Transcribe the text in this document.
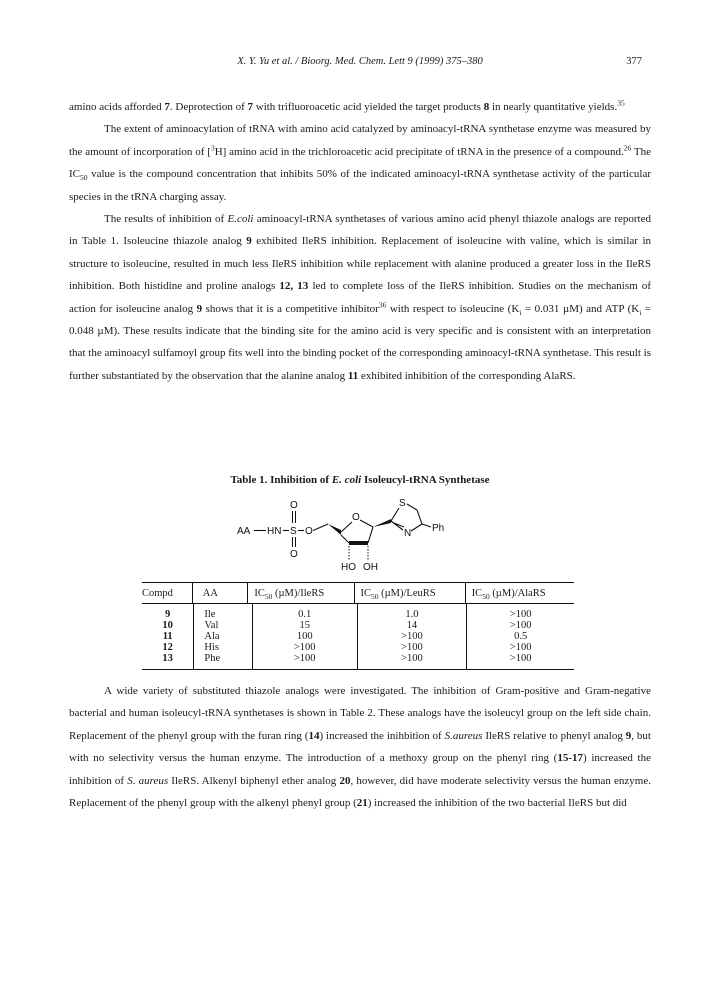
X. Y. Yu et al. / Bioorg. Med. Chem. Lett 9 (1999) 375–380	377

amino acids afforded 7. Deprotection of 7 with trifluoroacetic acid yielded the target products 8 in nearly quantitative yields.$^{35}$

The extent of aminoacylation of tRNA with amino acid catalyzed by aminoacyl-tRNA synthetase enzyme was measured by the amount of incorporation of [$^3$H] amino acid in the trichloroacetic acid precipitate of tRNA in the presence of a compound.$^{26}$ The $IC_{50}$ value is the compound concentration that inhibits 50% of the indicated aminoacyl-tRNA synthetase activity of the particular species in the tRNA charging assay.

The results of inhibition of E.coli aminoacyl-tRNA synthetases of various amino acid phenyl thiazole analogs are reported in Table 1. Isoleucine thiazole analog 9 exhibited IleRS inhibition. Replacement of isoleucine with valine, which is similar in structure to isoleucine, resulted in much less IleRS inhibition while replacement with alanine produced a greater loss in the IleRS inhibition. Both histidine and proline analogs 12, 13 led to complete loss of the IleRS inhibition. Studies on the mechanism of action for isoleucine analog 9 shows that it is a competitive inhibitor$^{36}$ with respect to isoleucine ($K_i = 0.031$ µM) and ATP ($K_i = 0.048$ µM). These results indicate that the binding site for the amino acid is very specific and is consistent with an interpretation that the aminoacyl sulfamoyl group fits well into the binding pocket of the corresponding aminoacyl-tRNA synthetase. This result is further substantiated by the observation that the alanine analog 11 exhibited inhibition of the corresponding AlaRS.

Table 1. Inhibition of E. coli Isoleucyl-tRNA Synthetase
AA HN S
O
O
O
O
HO OH
S
N Ph
Compd	AA	$IC_{50}$ (µM)/IleRS	$IC_{50}$ (µM)/LeuRS	$IC_{50}$ (µM)/AlaRS
9	Ile	0.1	1.0	>100
10	Val	15	14	>100
11	Ala	100	>100	0.5
12	His	>100	>100	>100
13	Phe	>100	>100	>100

A wide variety of substituted thiazole analogs were investigated. The inhibition of Gram-positive and Gram-negative bacterial and human isoleucyl-tRNA synthetases is shown in Table 2. These analogs have the isoleucyl group on the left side chain. Replacement of the phenyl group with the furan ring (14) increased the inihbition of S.aureus IleRS relative to phenyl analog 9, but with no selectivity versus the human enzyme. The introduction of a methoxy group on the phenyl ring (15-17) increased the inhibition of S. aureus IleRS. Alkenyl biphenyl ether analog 20, however, did have moderate selectivity versus the human enzyme. Replacement of the phenyl group with the alkenyl phenyl group (21) increased the inhibition of the two bacterial IleRS but did
